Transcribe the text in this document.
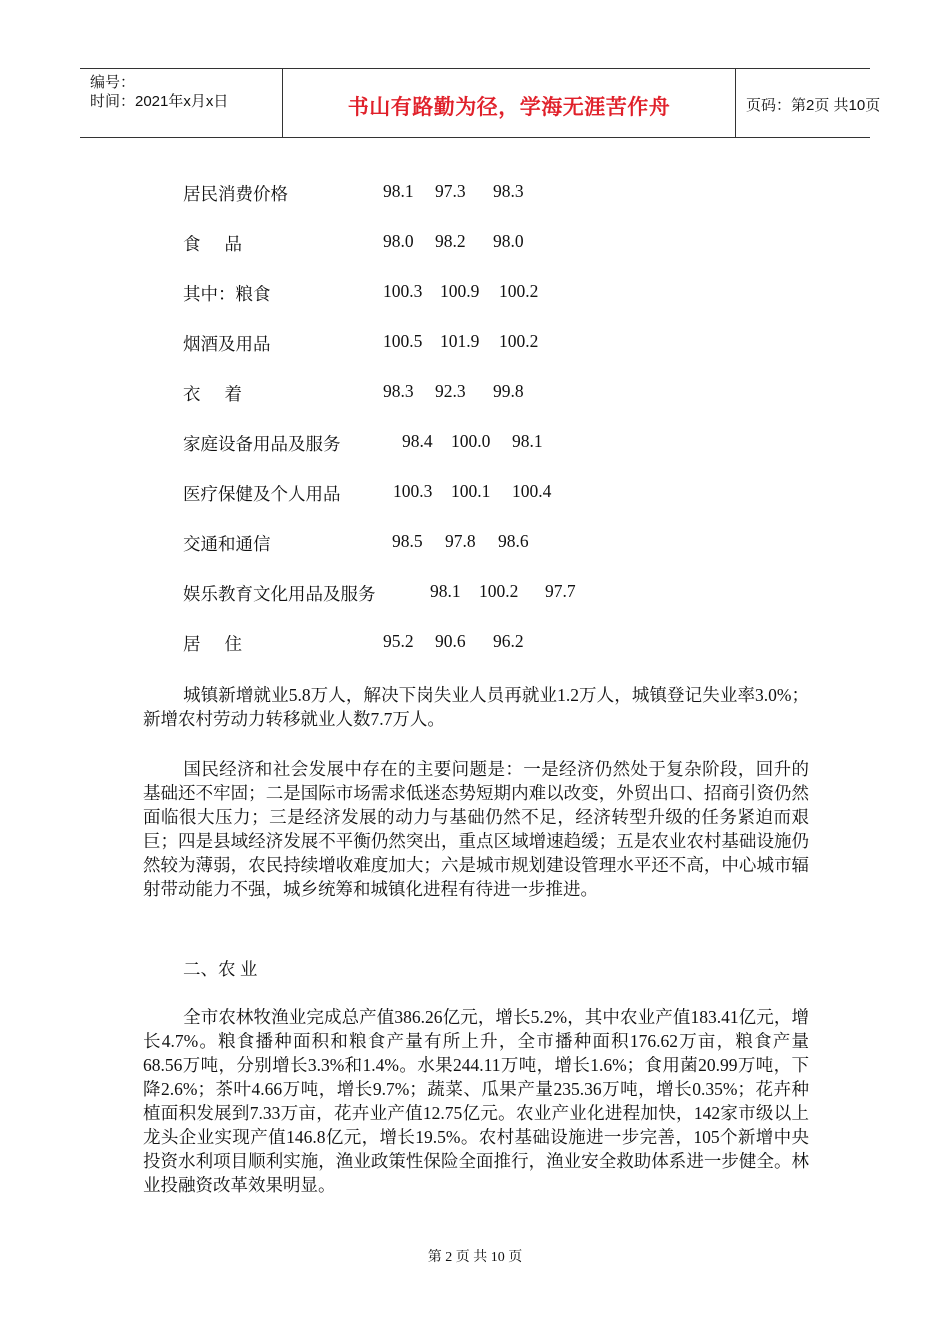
编号：
时间：2021年x月x日	书山有路勤为径，学海无涯苦作舟	页码：第2页 共10页
居民消费价格	98.1 97.3 98.3
食品	98.0 98.2 98.0
其中：粮食	100.3 100.9 100.2
烟酒及用品	100.5 101.9 100.2
衣着	98.3 92.3 99.8
家庭设备用品及服务	98.4 100.0 98.1
医疗保健及个人用品	100.3 100.1 100.4
交通和通信	98.5 97.8 98.6
娱乐教育文化用品及服务	98.1 100.2 97.7
居住	95.2 90.6 96.2
城镇新增就业5.8万人，解决下岗失业人员再就业1.2万人，城镇登记失业率3.0%；新增农村劳动力转移就业人数7.7万人。
国民经济和社会发展中存在的主要问题是：一是经济仍然处于复杂阶段，回升的基础还不牢固；二是国际市场需求低迷态势短期内难以改变，外贸出口、招商引资仍然面临很大压力；三是经济发展的动力与基础仍然不足，经济转型升级的任务紧迫而艰巨；四是县域经济发展不平衡仍然突出，重点区域增速趋缓；五是农业农村基础设施仍然较为薄弱，农民持续增收难度加大；六是城市规划建设管理水平还不高，中心城市辐射带动能力不强，城乡统筹和城镇化进程有待进一步推进。
二、农 业
全市农林牧渔业完成总产值386.26亿元，增长5.2%，其中农业产值183.41亿元，增长4.7%。粮食播种面积和粮食产量有所上升，全市播种面积176.62万亩，粮食产量68.56万吨，分别增长3.3%和1.4%。水果244.11万吨，增长1.6%；食用菌20.99万吨，下降2.6%；茶叶4.66万吨，增长9.7%；蔬菜、瓜果产量235.36万吨，增长0.35%；花卉种植面积发展到7.33万亩，花卉业产值12.75亿元。农业产业化进程加快，142家市级以上龙头企业实现产值146.8亿元，增长19.5%。农村基础设施进一步完善，105个新增中央投资水利项目顺利实施，渔业政策性保险全面推行，渔业安全救助体系进一步健全。林业投融资改革效果明显。
第 2 页 共 10 页
